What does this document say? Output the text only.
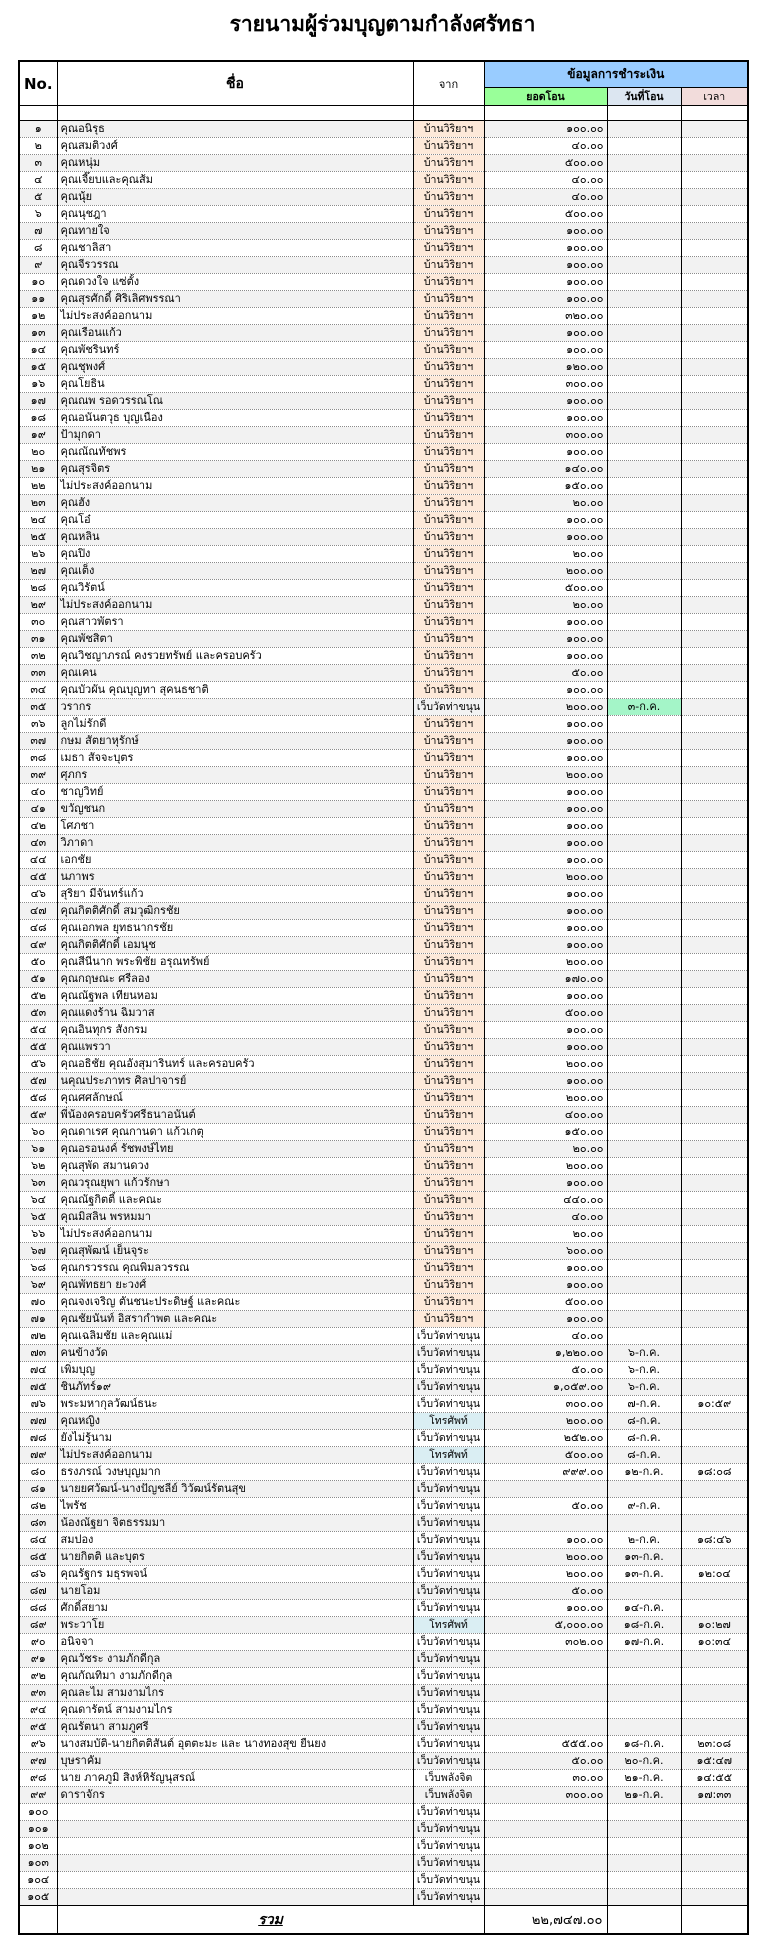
รายนามผู้ร่วมบุญตามกำลังศรัทธา
No.	ชื่อ	จาก	ข้อมูลการชำระเงิน		
			ยอดโอน	วันที่โอน	เวลา

๑	คุณอนิรุธ	บ้านวิริยาฯ	๑๐๐.๐๐		
๒	คุณสมติวงศ์	บ้านวิริยาฯ	๔๐.๐๐		
๓	คุณหนุ่ม	บ้านวิริยาฯ	๕๐๐.๐๐		
๔	คุณเจี๊ยบและคุณส้ม	บ้านวิริยาฯ	๔๐.๐๐		
๕	คุณนุ้ย	บ้านวิริยาฯ	๔๐.๐๐		
๖	คุณนุชฎา	บ้านวิริยาฯ	๕๐๐.๐๐		
๗	คุณทายใจ	บ้านวิริยาฯ	๑๐๐.๐๐		
๘	คุณชาลิสา	บ้านวิริยาฯ	๑๐๐.๐๐		
๙	คุณจีรวรรณ	บ้านวิริยาฯ	๑๐๐.๐๐		
๑๐	คุณดวงใจ แซ่ตั้ง	บ้านวิริยาฯ	๑๐๐.๐๐		
๑๑	คุณสุรศักดิ์ ศิริเลิศพรรณา	บ้านวิริยาฯ	๑๐๐.๐๐		
๑๒	ไม่ประสงค์ออกนาม	บ้านวิริยาฯ	๓๒๐.๐๐		
๑๓	คุณเรือนแก้ว	บ้านวิริยาฯ	๑๐๐.๐๐		
๑๔	คุณพัชรินทร์	บ้านวิริยาฯ	๑๐๐.๐๐		
๑๕	คุณชุพงศ์	บ้านวิริยาฯ	๑๒๐.๐๐		
๑๖	คุณโยธิน	บ้านวิริยาฯ	๓๐๐.๐๐		
๑๗	คุณณพ รอดวรรณโณ	บ้านวิริยาฯ	๑๐๐.๐๐		
๑๘	คุณอนันตวุธ บุญเนือง	บ้านวิริยาฯ	๑๐๐.๐๐		
๑๙	ป้ามุกดา	บ้านวิริยาฯ	๓๐๐.๐๐		
๒๐	คุณณัณทัชพร	บ้านวิริยาฯ	๑๐๐.๐๐		
๒๑	คุณสุรจิตร	บ้านวิริยาฯ	๑๔๐.๐๐		
๒๒	ไม่ประสงค์ออกนาม	บ้านวิริยาฯ	๑๕๐.๐๐		
๒๓	คุณฮัง	บ้านวิริยาฯ	๒๐.๐๐		
๒๔	คุณโอ๋	บ้านวิริยาฯ	๑๐๐.๐๐		
๒๕	คุณหลิน	บ้านวิริยาฯ	๑๐๐.๐๐		
๒๖	คุณปิง	บ้านวิริยาฯ	๒๐.๐๐		
๒๗	คุณเต็ง	บ้านวิริยาฯ	๒๐๐.๐๐		
๒๘	คุณวิรัตน์	บ้านวิริยาฯ	๕๐๐.๐๐		
๒๙	ไม่ประสงค์ออกนาม	บ้านวิริยาฯ	๒๐.๐๐		
๓๐	คุณสาวพัตรา	บ้านวิริยาฯ	๑๐๐.๐๐		
๓๑	คุณพัชสิตา	บ้านวิริยาฯ	๑๐๐.๐๐		
๓๒	คุณวิชญาภรณ์ คงรวยทรัพย์ และครอบครัว	บ้านวิริยาฯ	๑๐๐.๐๐		
๓๓	คุณเคน	บ้านวิริยาฯ	๕๐.๐๐		
๓๔	คุณบัวผัน คุณบุญทา สุคนธชาติ	บ้านวิริยาฯ	๑๐๐.๐๐		
๓๕	วรากร	เว็บวัดท่าขนุน	๒๐๐.๐๐	๓-ก.ค.	
๓๖	ลูกไม่รักดี	บ้านวิริยาฯ	๑๐๐.๐๐		
๓๗	กษม สัตยาหุรักษ์	บ้านวิริยาฯ	๑๐๐.๐๐		
๓๘	เมธา สัจจะบุตร	บ้านวิริยาฯ	๑๐๐.๐๐		
๓๙	ศุภกร	บ้านวิริยาฯ	๒๐๐.๐๐		
๔๐	ชาญวิทย์	บ้านวิริยาฯ	๑๐๐.๐๐		
๔๑	ขวัญชนก	บ้านวิริยาฯ	๑๐๐.๐๐		
๔๒	โศภชา	บ้านวิริยาฯ	๑๐๐.๐๐		
๔๓	วิภาดา	บ้านวิริยาฯ	๑๐๐.๐๐		
๔๔	เอกชัย	บ้านวิริยาฯ	๑๐๐.๐๐		
๔๕	นภาพร	บ้านวิริยาฯ	๒๐๐.๐๐		
๔๖	สุริยา มีจันทร์แก้ว	บ้านวิริยาฯ	๑๐๐.๐๐		
๔๗	คุณกิตติศักดิ์ สมวุฒิกรชัย	บ้านวิริยาฯ	๑๐๐.๐๐		
๔๘	คุณเอกพล ยุทธนากรชัย	บ้านวิริยาฯ	๑๐๐.๐๐		
๔๙	คุณกิตติศักดิ์ เอมนุช	บ้านวิริยาฯ	๑๐๐.๐๐		
๕๐	คุณสีนีนาก พระพิชัย อรุณทรัพย์	บ้านวิริยาฯ	๒๐๐.๐๐		
๕๑	คุณกฤษณะ ศรีลอง	บ้านวิริยาฯ	๑๗๐.๐๐		
๕๒	คุณณัฐพล เทียนหอม	บ้านวิริยาฯ	๑๐๐.๐๐		
๕๓	คุณแดงร้าน ฉิมวาส	บ้านวิริยาฯ	๕๐๐.๐๐		
๕๔	คุณอินทุกร สังกรม	บ้านวิริยาฯ	๑๐๐.๐๐		
๕๕	คุณแพรวา	บ้านวิริยาฯ	๑๐๐.๐๐		
๕๖	คุณอธิชัย คุณอังสุมารินทร์ และครอบครัว	บ้านวิริยาฯ	๒๐๐.๐๐		
๕๗	นคุณประภาทร ศิลปาจารย์	บ้านวิริยาฯ	๑๐๐.๐๐		
๕๘	คุณศศลักษณ์	บ้านวิริยาฯ	๒๐๐.๐๐		
๕๙	พี่น้องครอบครัวศรีธนาอนันต์	บ้านวิริยาฯ	๔๐๐.๐๐		
๖๐	คุณดาเรศ คุณกานดา แก้วเกตุ	บ้านวิริยาฯ	๑๕๐.๐๐		
๖๑	คุณอรอนงค์ รัชพงษ์ไทย	บ้านวิริยาฯ	๒๐.๐๐		
๖๒	คุณสุพัด สมานดวง	บ้านวิริยาฯ	๒๐๐.๐๐		
๖๓	คุณวรุณยุพา แก้วรักษา	บ้านวิริยาฯ	๑๐๐.๐๐		
๖๔	คุณณัฐกิตติ์ และคณะ	บ้านวิริยาฯ	๔๔๐.๐๐		
๖๕	คุณมิสลิน พรหมมา	บ้านวิริยาฯ	๔๐.๐๐		
๖๖	ไม่ประสงค์ออกนาม	บ้านวิริยาฯ	๒๐.๐๐		
๖๗	คุณสุพัฒน์ เย็นจุระ	บ้านวิริยาฯ	๖๐๐.๐๐		
๖๘	คุณกรวรรณ คุณพิมลวรรณ	บ้านวิริยาฯ	๑๐๐.๐๐		
๖๙	คุณพัทธยา ยะวงศ์	บ้านวิริยาฯ	๑๐๐.๐๐		
๗๐	คุณจงเจริญ ตันชนะประดิษฐ์ และคณะ	บ้านวิริยาฯ	๕๐๐.๐๐		
๗๑	คุณชัยนันท์ อิสรากำพต และคณะ	บ้านวิริยาฯ	๑๐๐.๐๐		
๗๒	คุณเฉลิมชัย และคุณแม่	เว็บวัดท่าขนุน	๔๐.๐๐		
๗๓	คนข้างวัด	เว็บวัดท่าขนุน	๑,๒๒๐.๐๐	๖-ก.ค.	
๗๔	เพิ่มบุญ	เว็บวัดท่าขนุน	๕๐.๐๐	๖-ก.ค.	
๗๕	ชินภัทร์๑๙	เว็บวัดท่าขนุน	๑,๐๕๙.๐๐	๖-ก.ค.	
๗๖	พระมหากุลวัฒน์ธนะ	เว็บวัดท่าขนุน	๓๐๐.๐๐	๗-ก.ค.	๑๐:๕๙
๗๗	คุณหญิง	โทรศัพท์	๒๐๐.๐๐	๘-ก.ค.	
๗๘	ยังไม่รู้นาม	เว็บวัดท่าขนุน	๒๕๒.๐๐	๘-ก.ค.	
๗๙	ไม่ประสงค์ออกนาม	โทรศัพท์	๕๐๐.๐๐	๘-ก.ค.	
๘๐	ธรงภรณ์ วงษบุญมาก	เว็บวัดท่าขนุน	๙๙๙.๐๐	๑๒-ก.ค.	๑๘:๐๘
๘๑	นายยศวัฒน์-นางปัญชลีย์ วิวัฒน์รัตนสุข	เว็บวัดท่าขนุน			
๘๒	ไพรัช	เว็บวัดท่าขนุน	๕๐.๐๐	๙-ก.ค.	
๘๓	น้องณัฐยา จิตธรรมมา	เว็บวัดท่าขนุน			
๘๔	สมปอง	เว็บวัดท่าขนุน	๑๐๐.๐๐	๒-ก.ค.	๑๘:๔๖
๘๕	นายกิตติ และบุตร	เว็บวัดท่าขนุน	๒๐๐.๐๐	๑๓-ก.ค.	
๘๖	คุณรัฐกร มธุรพจน์	เว็บวัดท่าขนุน	๒๐๐.๐๐	๑๓-ก.ค.	๑๒:๐๔
๘๗	นายโอม	เว็บวัดท่าขนุน	๕๐.๐๐		
๘๘	ศักดิ์สยาม	เว็บวัดท่าขนุน	๑๐๐.๐๐	๑๔-ก.ค.	
๘๙	พระวาโย	โทรศัพท์	๕,๐๐๐.๐๐	๑๘-ก.ค.	๑๐:๒๗
๙๐	อนิจจา	เว็บวัดท่าขนุน	๓๐๒.๐๐	๑๗-ก.ค.	๑๐:๓๔
๙๑	คุณวัชระ งามภักดีกุล	เว็บวัดท่าขนุน			
๙๒	คุณกัณทิมา งามภักดีกุล	เว็บวัดท่าขนุน			
๙๓	คุณละไม สามงามไกร	เว็บวัดท่าขนุน			
๙๔	คุณดารัตน์ สามงามไกร	เว็บวัดท่าขนุน			
๙๕	คุณรัตนา สามภูศรี	เว็บวัดท่าขนุน			
๙๖	นางสมบัติ-นายกิตติสันต์ อุตตะมะ และ นางทองสุข ยืนยง	เว็บวัดท่าขนุน	๕๕๕.๐๐	๑๘-ก.ค.	๒๓:๐๘
๙๗	บุษราคัม	เว็บวัดท่าขนุน	๕๐.๐๐	๒๐-ก.ค.	๑๕:๔๗
๙๘	นาย ภาคภูมิ สิงห์หิรัญนุสรณ์	เว็บพลังจิต	๓๐.๐๐	๒๑-ก.ค.	๑๔:๕๕
๙๙	ดาราจักร	เว็บพลังจิต	๓๐๐.๐๐	๒๑-ก.ค.	๑๗:๓๓
๑๐๐		เว็บวัดท่าขนุน			
๑๐๑		เว็บวัดท่าขนุน			
๑๐๒		เว็บวัดท่าขนุน			
๑๐๓		เว็บวัดท่าขนุน			
๑๐๔		เว็บวัดท่าขนุน			
๑๐๕		เว็บวัดท่าขนุน			
	รวม		๒๒,๗๔๗.๐๐		
